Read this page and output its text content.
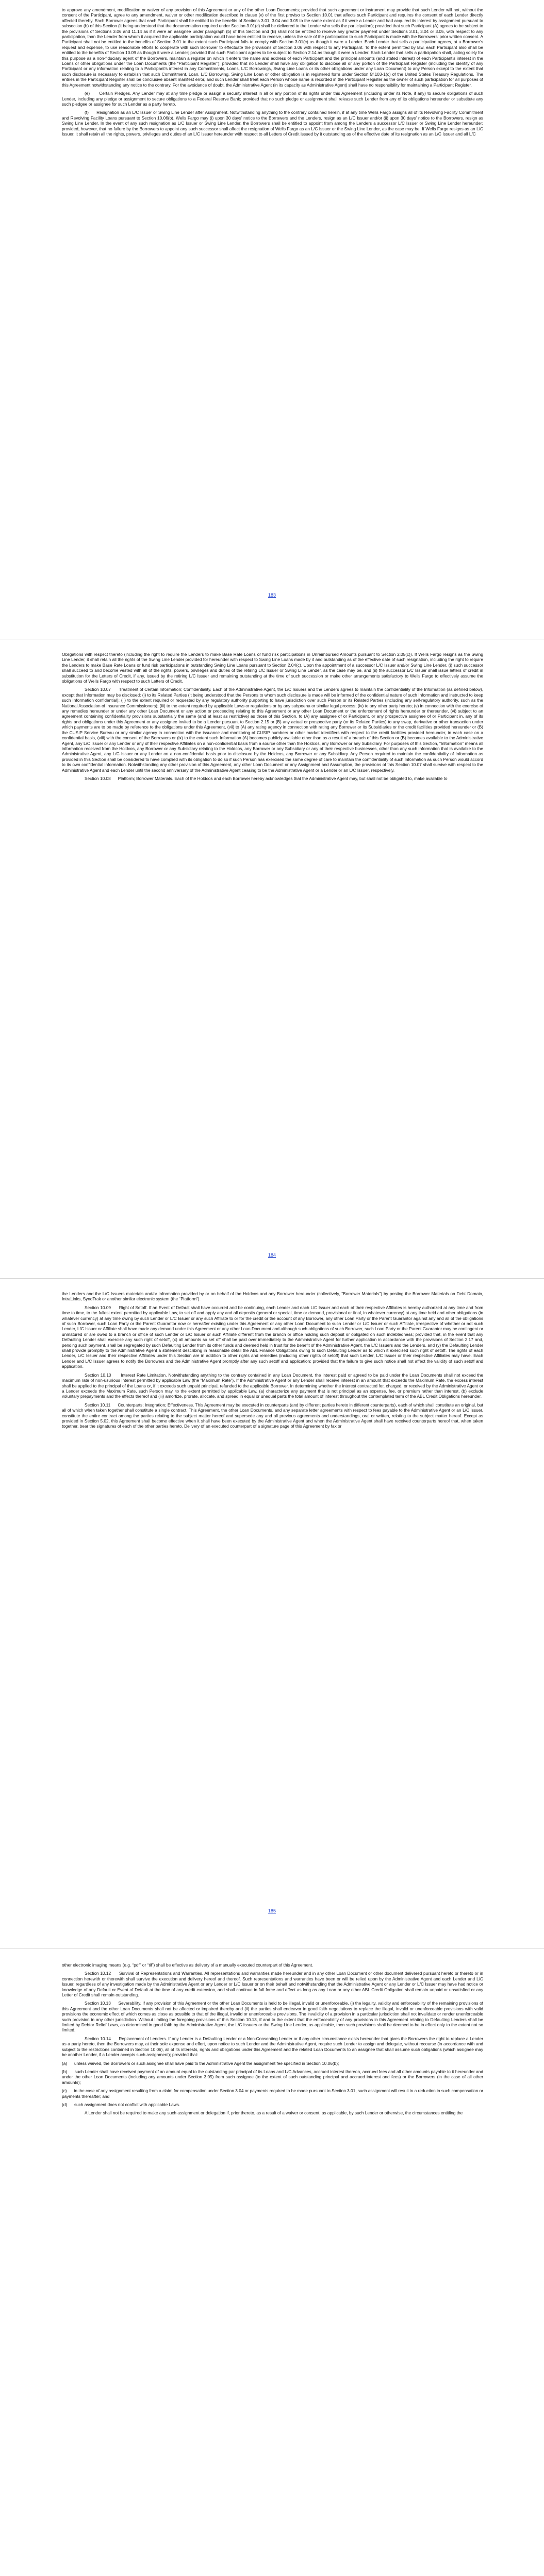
to approve any amendment, modification or waiver of any provision of this Agreement or any of the other Loan Documents; provided that such agreement or instrument may provide that such Lender will not, without the consent of the Participant, agree to any amendment, waiver or other modification described in clause (v) of the first proviso to Section 10.01 that affects such Participant and requires the consent of each Lender directly affected thereby. Each Borrower agrees that each Participant shall be entitled to the benefits of Sections 3.01, 3.04 and 3.05 to the same extent as if it were a Lender and had acquired its interest by assignment pursuant to subsection (b) of this Section (it being understood that the documentation required under Section 3.01(c) shall be delivered to the Lender who sells the participation); provided that such Participant (A) agrees to be subject to the provisions of Sections 3.06 and 11.14 as if it were an assignee under paragraph (b) of this Section and (B) shall not be entitled to receive any greater payment under Sections 3.01, 3.04 or 3.05, with respect to any participation, than the Lender from whom it acquired the applicable participation would have been entitled to receive, unless the sale of the participation to such Participant is made with the Borrowers’ prior written consent. A Participant shall not be entitled to the benefits of Section 3.01 to the extent such Participant fails to comply with Section 3.01(c) as though it were a Lender. Each Lender that sells a participation agrees, at a Borrower’s request and expense, to use reasonable efforts to cooperate with such Borrower to effectuate the provisions of Section 3.06 with respect to any Participant. To the extent permitted by law, each Participant also shall be entitled to the benefits of Section 10.09 as though it were a Lender; provided that such Participant agrees to be subject to Section 2.14 as though it were a Lender. Each Lender that sells a participation shall, acting solely for this purpose as a non-fiduciary agent of the Borrowers, maintain a register on which it enters the name and address of each Participant and the principal amounts (and stated interest) of each Participant’s interest in the Loans or other obligations under the Loan Documents (the “Participant Register”); provided that no Lender shall have any obligation to disclose all or any portion of the Participant Register (including the identity of any Participant or any information relating to a Participant’s interest in any Commitments, Loans, L/C Borrowings, Swing Line Loans or its other obligations under any Loan Document) to any Person except to the extent that such disclosure is necessary to establish that such Commitment, Loan, L/C Borrowing, Swing Line Loan or other obligation is in registered form under Section 5f.103-1(c) of the United States Treasury Regulations. The entries in the Participant Register shall be conclusive absent manifest error, and such Lender shall treat each Person whose name is recorded in the Participant Register as the owner of such participation for all purposes of this Agreement notwithstanding any notice to the contrary. For the avoidance of doubt, the Administrative Agent (in its capacity as Administrative Agent) shall have no responsibility for maintaining a Participant Register.

(e)      Certain Pledges. Any Lender may at any time pledge or assign a security interest in all or any portion of its rights under this Agreement (including under its Note, if any) to secure obligations of such Lender, including any pledge or assignment to secure obligations to a Federal Reserve Bank; provided that no such pledge or assignment shall release such Lender from any of its obligations hereunder or substitute any such pledgee or assignee for such Lender as a party hereto.

(f)      Resignation as an L/C Issuer or Swing Line Lender after Assignment. Notwithstanding anything to the contrary contained herein, if at any time Wells Fargo assigns all of its Revolving Facility Commitment and Revolving Facility Loans pursuant to Section 10.06(b), Wells Fargo may (i) upon 30 days’ notice to the Borrowers and the Lenders, resign as an L/C Issuer and/or (ii) upon 30 days’ notice to the Borrowers, resign as Swing Line Lender. In the event of any such resignation as L/C Issuer or Swing Line Lender, the Borrowers shall be entitled to appoint from among the Lenders a successor L/C Issuer or Swing Line Lender hereunder; provided, however, that no failure by the Borrowers to appoint any such successor shall affect the resignation of Wells Fargo as an L/C Issuer or the Swing Line Lender, as the case may be. If Wells Fargo resigns as an L/C Issuer, it shall retain all the rights, powers, privileges and duties of an L/C Issuer hereunder with respect to all Letters of Credit issued by it outstanding as of the effective date of its resignation as an L/C Issuer and all L/C

183

Obligations with respect thereto (including the right to require the Lenders to make Base Rate Loans or fund risk participations in Unreimbursed Amounts pursuant to Section 2.05(c)). If Wells Fargo resigns as the Swing Line Lender, it shall retain all the rights of the Swing Line Lender provided for hereunder with respect to Swing Line Loans made by it and outstanding as of the effective date of such resignation, including the right to require the Lenders to make Base Rate Loans or fund risk participations in outstanding Swing Line Loans pursuant to Section 2.04(c). Upon the appointment of a successor L/C Issuer and/or Swing Line Lender, (i) such successor shall succeed to and become vested with all of the rights, powers, privileges and duties of the retiring L/C Issuer or Swing Line Lender, as the case may be, and (ii) the successor L/C Issuer shall issue letters of credit in substitution for the Letters of Credit, if any, issued by the retiring L/C Issuer and remaining outstanding at the time of such succession or make other arrangements satisfactory to Wells Fargo to effectively assume the obligations of Wells Fargo with respect to such Letters of Credit.

Section 10.07      Treatment of Certain Information; Confidentiality. Each of the Administrative Agent, the L/C Issuers and the Lenders agrees to maintain the confidentiality of the Information (as defined below), except that Information may be disclosed: (i) to its Related Parties (it being understood that the Persons to whom such disclosure is made will be informed of the confidential nature of such Information and instructed to keep such Information confidential); (ii) to the extent required or requested by any regulatory authority purporting to have jurisdiction over such Person or its Related Parties (including any self-regulatory authority, such as the National Association of Insurance Commissioners); (iii) to the extent required by applicable Laws or regulations or by any subpoena or similar legal process; (iv) to any other party hereto; (v) in connection with the exercise of any remedies hereunder or under any other Loan Document or any action or proceeding relating to this Agreement or any other Loan Document or the enforcement of rights hereunder or thereunder, (vi) subject to an agreement containing confidentiality provisions substantially the same (and at least as restrictive) as those of this Section, to (A) any assignee of or Participant, or any prospective assignee of or Participant in, any of its rights and obligations under this Agreement or any assignee invited to be a Lender pursuant to Section 2.15 or (B) any actual or prospective party (or its Related Parties) to any swap, derivative or other transaction under which payments are to be made by reference to the obligations under this Agreement, (vii) to (A) any rating agency in connection with rating any Borrower or its Subsidiaries or the credit facilities provided hereunder or (B) the CUSIP Service Bureau or any similar agency in connection with the issuance and monitoring of CUSIP numbers or other market identifiers with respect to the credit facilities provided hereunder, in each case on a confidential basis, (viii) with the consent of the Borrowers or (ix) to the extent such Information (A) becomes publicly available other than as a result of a breach of this Section or (B) becomes available to the Administrative Agent, any L/C Issuer or any Lender or any of their respective Affiliates on a non-confidential basis from a source other than the Holdcos, any Borrower or any Subsidiary. For purposes of this Section, “Information” means all information received from the Holdcos, any Borrower or any Subsidiary relating to the Holdcos, any Borrower or any Subsidiary or any of their respective businesses, other than any such information that is available to the Administrative Agent, any L/C Issuer or any Lender on a non-confidential basis prior to disclosure by the Holdcos, any Borrower or any Subsidiary. Any Person required to maintain the confidentiality of Information as provided in this Section shall be considered to have complied with its obligation to do so if such Person has exercised the same degree of care to maintain the confidentiality of such Information as such Person would accord to its own confidential information. Notwithstanding any other provision of this Agreement, any other Loan Document or any Assignment and Assumption, the provisions of this Section 10.07 shall survive with respect to the Administrative Agent and each Lender until the second anniversary of the Administrative Agent ceasing to be the Administrative Agent or a Lender or an L/C Issuer, respectively.

Section 10.08      Platform; Borrower Materials. Each of the Holdcos and each Borrower hereby acknowledges that the Administrative Agent may, but shall not be obligated to, make available to

184

the Lenders and the L/C Issuers materials and/or information provided by or on behalf of the Holdcos and any Borrower hereunder (collectively, “Borrower Materials”) by posting the Borrower Materials on Debt Domain, IntraLinks, SyndTrak or another similar electronic system (the “Platform”).

Section 10.09      Right of Setoff. If an Event of Default shall have occurred and be continuing, each Lender and each L/C Issuer and each of their respective Affiliates is hereby authorized at any time and from time to time, to the fullest extent permitted by applicable Law, to set off and apply any and all deposits (general or special, time or demand, provisional or final, in whatever currency) at any time held and other obligations (in whatever currency) at any time owing by such Lender or L/C Issuer or any such Affiliate to or for the credit or the account of any Borrower, any other Loan Party or the Parent Guarantor against any and all of the obligations of such Borrower, such Loan Party or the Parent Guarantor now or hereafter existing under this Agreement or any other Loan Document to such Lender or L/C Issuer or such Affiliate, irrespective of whether or not such Lender, L/C Issuer or Affiliate shall have made any demand under this Agreement or any other Loan Document and although such obligations of such Borrower, such Loan Party or the Parent Guarantor may be contingent or unmatured or are owed to a branch or office of such Lender or L/C Issuer or such Affiliate different from the branch or office holding such deposit or obligated on such indebtedness; provided that, in the event that any Defaulting Lender shall exercise any such right of setoff, (x) all amounts so set off shall be paid over immediately to the Administrative Agent for further application in accordance with the provisions of Section 2.17 and, pending such payment, shall be segregated by such Defaulting Lender from its other funds and deemed held in trust for the benefit of the Administrative Agent, the L/C Issuers and the Lenders, and (y) the Defaulting Lender shall provide promptly to the Administrative Agent a statement describing in reasonable detail the ABL Finance Obligations owing to such Defaulting Lender as to which it exercised such right of setoff. The rights of each Lender, L/C Issuer and their respective Affiliates under this Section are in addition to other rights and remedies (including other rights of setoff) that such Lender, L/C Issuer or their respective Affiliates may have. Each Lender and L/C Issuer agrees to notify the Borrowers and the Administrative Agent promptly after any such setoff and application; provided that the failure to give such notice shall not affect the validity of such setoff and application.

Section 10.10      Interest Rate Limitation. Notwithstanding anything to the contrary contained in any Loan Document, the interest paid or agreed to be paid under the Loan Documents shall not exceed the maximum rate of non-usurious interest permitted by applicable Law (the “Maximum Rate”). If the Administrative Agent or any Lender shall receive interest in an amount that exceeds the Maximum Rate, the excess interest shall be applied to the principal of the Loans or, if it exceeds such unpaid principal, refunded to the applicable Borrower. In determining whether the interest contracted for, charged, or received by the Administrative Agent or a Lender exceeds the Maximum Rate, such Person may, to the extent permitted by applicable Law, (a) characterize any payment that is not principal as an expense, fee, or premium rather than interest, (b) exclude voluntary prepayments and the effects thereof and (iii) amortize, prorate, allocate, and spread in equal or unequal parts the total amount of interest throughout the contemplated term of the ABL Credit Obligations hereunder.

Section 10.11      Counterparts; Integration; Effectiveness. This Agreement may be executed in counterparts (and by different parties hereto in different counterparts), each of which shall constitute an original, but all of which when taken together shall constitute a single contract. This Agreement, the other Loan Documents, and any separate letter agreements with respect to fees payable to the Administrative Agent or an L/C Issuer, constitute the entire contract among the parties relating to the subject matter hereof and supersede any and all previous agreements and understandings, oral or written, relating to the subject matter hereof. Except as provided in Section 5.02, this Agreement shall become effective when it shall have been executed by the Administrative Agent and when the Administrative Agent shall have received counterparts hereof that, when taken together, bear the signatures of each of the other parties hereto. Delivery of an executed counterpart of a signature page of this Agreement by fax or

185

other electronic imaging means (e.g. “pdf” or “tif”) shall be effective as delivery of a manually executed counterpart of this Agreement.

Section 10.12      Survival of Representations and Warranties. All representations and warranties made hereunder and in any other Loan Document or other document delivered pursuant hereto or thereto or in connection herewith or therewith shall survive the execution and delivery hereof and thereof. Such representations and warranties have been or will be relied upon by the Administrative Agent and each Lender and L/C Issuer, regardless of any investigation made by the Administrative Agent or any Lender or L/C Issuer or on their behalf and notwithstanding that the Administrative Agent or any Lender or L/C Issuer may have had notice or knowledge of any Default or Event of Default at the time of any credit extension, and shall continue in full force and effect as long as any Loan or any other ABL Credit Obligation shall remain unpaid or unsatisfied or any Letter of Credit shall remain outstanding.

Section 10.13      Severability. If any provision of this Agreement or the other Loan Documents is held to be illegal, invalid or unenforceable, (i) the legality, validity and enforceability of the remaining provisions of this Agreement and the other Loan Documents shall not be affected or impaired thereby and (ii) the parties shall endeavor in good faith negotiations to replace the illegal, invalid or unenforceable provisions with valid provisions the economic effect of which comes as close as possible to that of the illegal, invalid or unenforceable provisions. The invalidity of a provision in a particular jurisdiction shall not invalidate or render unenforceable such provision in any other jurisdiction. Without limiting the foregoing provisions of this Section 10.13, if and to the extent that the enforceability of any provisions in this Agreement relating to Defaulting Lenders shall be limited by Debtor Relief Laws, as determined in good faith by the Administrative Agent, the L/C Issuers or the Swing Line Lender, as applicable, then such provisions shall be deemed to be in effect only to the extent not so limited.

Section 10.14      Replacement of Lenders. If any Lender is a Defaulting Lender or a Non-Consenting Lender or if any other circumstance exists hereunder that gives the Borrowers the right to replace a Lender as a party hereto, then the Borrowers may, at their sole expense and effort, upon notice to such Lender and the Administrative Agent, require such Lender to assign and delegate, without recourse (in accordance with and subject to the restrictions contained in Section 10.06), all of its interests, rights and obligations under this Agreement and the related Loan Documents to an assignee that shall assume such obligations (which assignee may be another Lender, if a Lender accepts such assignment); provided that:

(a)      unless waived, the Borrowers or such assignee shall have paid to the Administrative Agent the assignment fee specified in Section 10.06(b);

(b)      such Lender shall have received payment of an amount equal to the outstanding par principal of its Loans and L/C Advances, accrued interest thereon, accrued fees and all other amounts payable to it hereunder and under the other Loan Documents (including any amounts under Section 3.05) from such assignee (to the extent of such outstanding principal and accrued interest and fees) or the Borrowers (in the case of all other amounts);

(c)      in the case of any assignment resulting from a claim for compensation under Section 3.04 or payments required to be made pursuant to Section 3.01, such assignment will result in a reduction in such compensation or payments thereafter; and

(d)      such assignment does not conflict with applicable Laws.

A Lender shall not be required to make any such assignment or delegation if, prior thereto, as a result of a waiver or consent, as applicable, by such Lender or otherwise, the circumstances entitling the
